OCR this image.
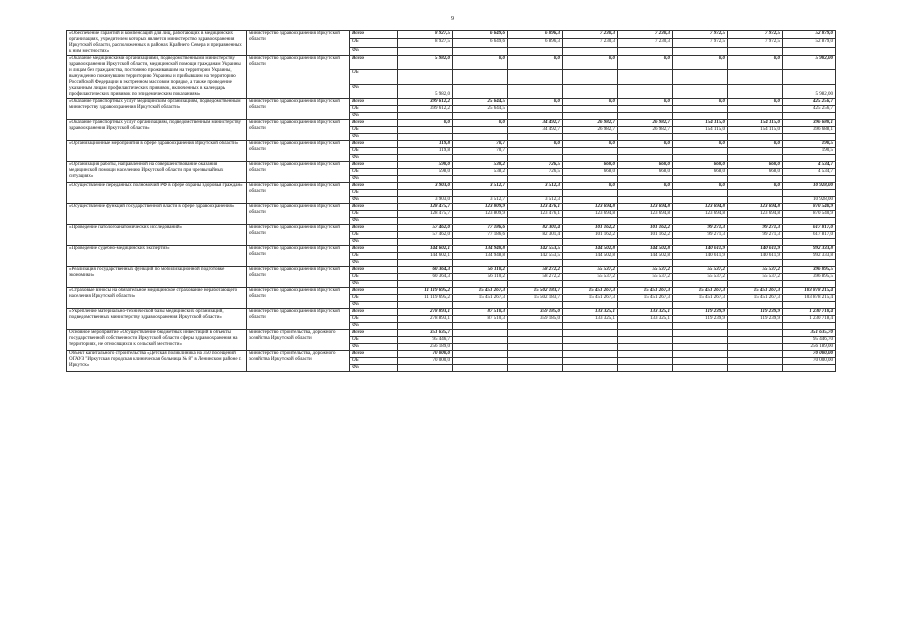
9
«Обеспечение гарантий и компенсаций для лиц, работающих в медицинских организациях, учредителем которых является министерство здравоохранения Иркутской области, расположенных в районах Крайнего Севера и приравненных к ним местностях»	министерство здравоохранения Иркутской области	Всего	8 927,5	6 649,6	6 896,3	7 230,3	7 230,3	7 972,5	7 972,5	52 879,0
		ОБ	8 927,5	6 649,6	6 896,3	7 230,3	7 230,3	7 972,5	7 972,5	52 879,0
		ФБ								
«Оказание медицинскими организациями, подведомственными министерству здравоохранения Иркутской области, медицинской помощи гражданам Украины и лицам без гражданства, постоянно проживавшим на территории Украины, вынужденно покинувшим территорию Украины и прибывшим на территорию Российской Федерации в экстренном массовом порядке, а также проведение указанным лицам профилактических прививок, включенных в календарь профилактических прививок по эпидемическим показаниям»	министерство здравоохранения Иркутской области	Всего	5 982,0	0,0	0,0	0,0	0,0	0,0	0,0	5 982,00
		ОБ								
		ФБ	5 982,0							5 982,00
«Оказание транспортных услуг медицинским организациям, подведомственным министерству здравоохранения Иркутской области»	министерство здравоохранения Иркутской области	Всего	399 612,2	25 644,5	0,0	0,0	0,0	0,0	0,0	425 256,7
		ОБ	399 612,2	25 644,5						425 256,7
		ФБ								
«Оказание транспортных услуг организациям, подведомственным министерству здравоохранения Иркутской области»	министерство здравоохранения Иркутской области	Всего	0,0	0,0	34 492,7	26 982,7	26 982,7	154 115,0	154 115,0	396 688,1
		ОБ			34 492,7	26 982,7	26 982,7	154 115,0	154 115,0	396 688,1
		ФБ								
«Организационные мероприятия в сфере здравоохранения Иркутской области»	министерство здравоохранения Иркутской области	Всего	119,8	70,7	0,0	0,0	0,0	0,0	0,0	190,5
		ОБ	119,8	70,7						190,5
		ФБ								
«Организация работы, направленной на совершенствование оказания медицинской помощи населению Иркутской области при чрезвычайных ситуациях»	министерство здравоохранения Иркутской области	Всего	598,0	538,2	726,5	668,0	668,0	668,0	668,0	4 534,7
		ОБ	598,0	538,2	726,5	668,0	668,0	668,0	668,0	4 534,7
		ФБ								
«Осуществление переданных полномочий РФ в сфере охраны здоровья граждан»	министерство здравоохранения Иркутской области	Всего	3 903,0	3 512,7	3 512,3	0,0	0,0	0,0	0,0	10 928,00
		ОБ								
		ФБ	3 903,0	3 512,7	3 512,3					10 928,00
«Осуществление функций государственной власти в сфере здравоохранения»	министерство здравоохранения Иркутской области	Всего	128 475,7	123 809,9	123 476,1	123 694,8	123 694,8	123 694,8	123 694,8	870 540,9
		ОБ	128 475,7	123 809,9	123 476,1	123 694,8	123 694,8	123 694,8	123 694,8	870 540,9
		ФБ								
«Проведение патологоанатомических исследований»	министерство здравоохранения Иркутской области	Всего	57 462,0	77 186,6	82 301,4	101 162,2	101 162,2	99 271,3	99 271,3	617 817,0
		ОБ	57 462,0	77 186,6	82 301,4	101 162,2	101 162,2	99 271,3	99 271,3	617 817,0
		ФБ								
«Проведение судебно-медицинских экспертиз»	министерство здравоохранения Иркутской области	Всего	144 602,1	134 948,8	142 553,5	144 502,8	144 502,8	140 611,9	140 611,9	992 333,8
		ОБ	144 602,1	134 948,8	142 553,5	144 502,8	144 502,8	140 611,9	140 611,9	992 333,8
		ФБ								
«Реализация государственных функций по мобилизационной подготовке экономики»	министерство здравоохранения Иркутской области	Всего	60 364,3	56 110,2	58 272,2	55 537,2	55 537,2	55 537,2	55 537,2	396 895,5
		ОБ	60 364,3	56 110,2	58 272,2	55 537,2	55 537,2	55 537,2	55 537,2	396 895,5
		ФБ								
«Страховые взносы на обязательное медицинское страхование неработающего населения Иркутской области»	министерство здравоохранения Иркутской области	Всего	11 119 695,2	15 451 267,3	15 502 183,7	15 451 267,3	15 451 267,3	15 451 267,3	15 451 267,3	103 878 215,4
		ОБ	11 119 695,2	15 451 267,3	15 502 183,7	15 451 267,3	15 451 267,3	15 451 267,3	15 451 267,3	103 878 215,4
		ФБ								
«Укрепление материально-технической базы медицинских организаций, подведомственных министерству здравоохранения Иркутской области»	министерство здравоохранения Иркутской области	Всего	278 893,1	87 510,3	359 185,0	133 325,1	133 325,1	119 239,9	119 239,9	1 230 718,4
		ОБ	278 893,1	87 510,3	359 185,0	133 325,1	133 325,1	119 239,9	119 239,9	1 230 718,4
		ФБ								
Основное мероприятие «Осуществление бюджетных инвестиций в объекты государственной собственности Иркутской области сферы здравоохранения на территориях, не относящихся к сельской местности»	министерство строительства, дорожного хозяйства Иркутской области	Всего	351 635,7							351 635,70
		ОБ	95 446,7							95 446,70
		ФБ	256 189,0							256 189,00
Объект капитального строительства «Детская поликлиника на 350 посещений ОГАУЗ "Иркутская городская клиническая больница № 8" в Ленинском районе г. Иркутск»	министерство строительства, дорожного хозяйства Иркутской области	Всего	70 000,0							70 000,00
		ОБ	70 000,0							70 000,00
		ФБ								
